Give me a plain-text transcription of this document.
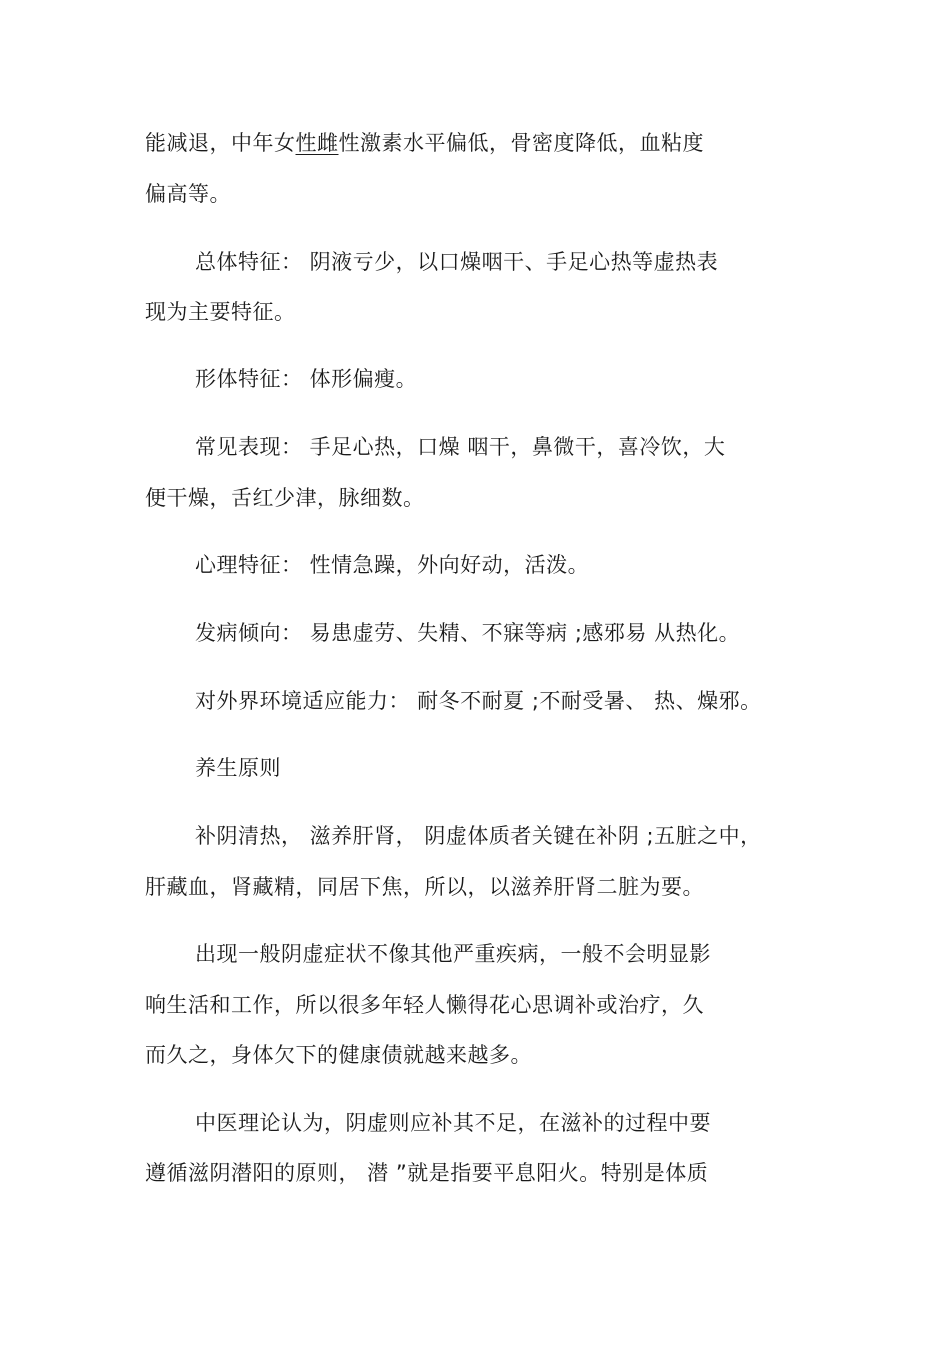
能减退，中年女性雌性激素水平偏低，骨密度降低，血粘度
偏高等。
总体特征： 阴液亏少，以口燥咽干、手足心热等虚热表
现为主要特征。
形体特征： 体形偏瘦。
常见表现： 手足心热，口燥 咽干，鼻微干，喜冷饮，大
便干燥，舌红少津，脉细数。
心理特征： 性情急躁，外向好动，活泼。
发病倾向： 易患虚劳、失精、不寐等病 ;感邪易 从热化。
对外界环境适应能力： 耐冬不耐夏 ;不耐受暑、 热、燥邪。
养生原则
补阴清热， 滋养肝肾， 阴虚体质者关键在补阴 ;五脏之中，
肝藏血，肾藏精，同居下焦，所以，以滋养肝肾二脏为要。
出现一般阴虚症状不像其他严重疾病，一般不会明显影
响生活和工作，所以很多年轻人懒得花心思调补或治疗，久
而久之，身体欠下的健康债就越来越多。
中医理论认为，阴虚则应补其不足，在滋补的过程中要
遵循滋阴潜阳的原则， 潜 ”就是指要平息阳火。特别是体质
